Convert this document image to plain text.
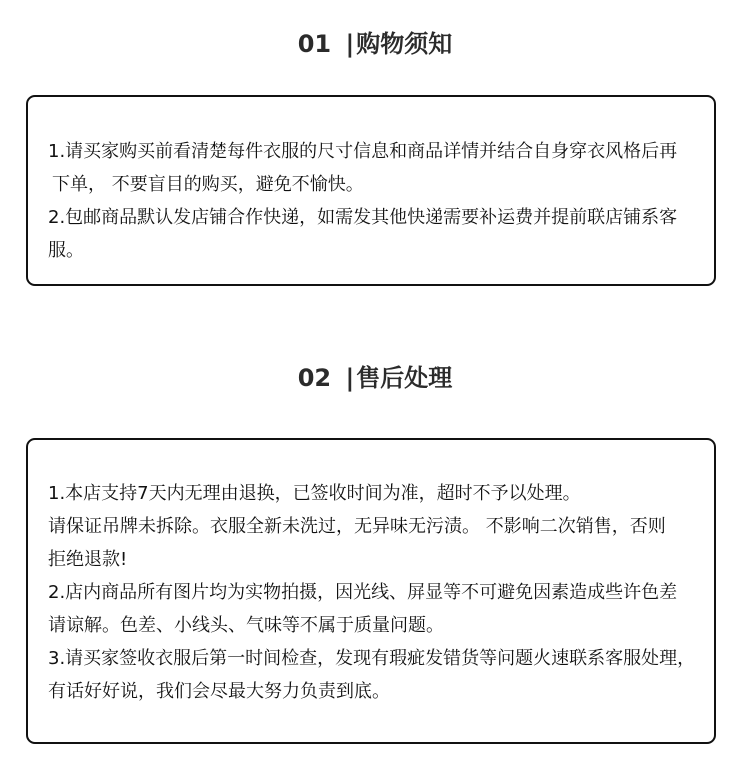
01 |购物须知
1.请买家购买前看清楚每件衣服的尺寸信息和商品详情并结合自身穿衣风格后再
下单， 不要盲目的购买，避免不愉快。
2.包邮商品默认发店铺合作快递，如需发其他快递需要补运费并提前联店铺系客
服。
02 |售后处理
1.本店支持7天内无理由退换，已签收时间为准，超时不予以处理。
请保证吊牌未拆除。衣服全新未洗过，无异味无污渍。 不影响二次销售，否则
拒绝退款!
2.店内商品所有图片均为实物拍摄，因光线、屏显等不可避免因素造成些许色差
请谅解。色差、小线头、气味等不属于质量问题。
3.请买家签收衣服后第一时间检查，发现有瑕疵发错货等问题火速联系客服处理，
有话好好说，我们会尽最大努力负责到底。
